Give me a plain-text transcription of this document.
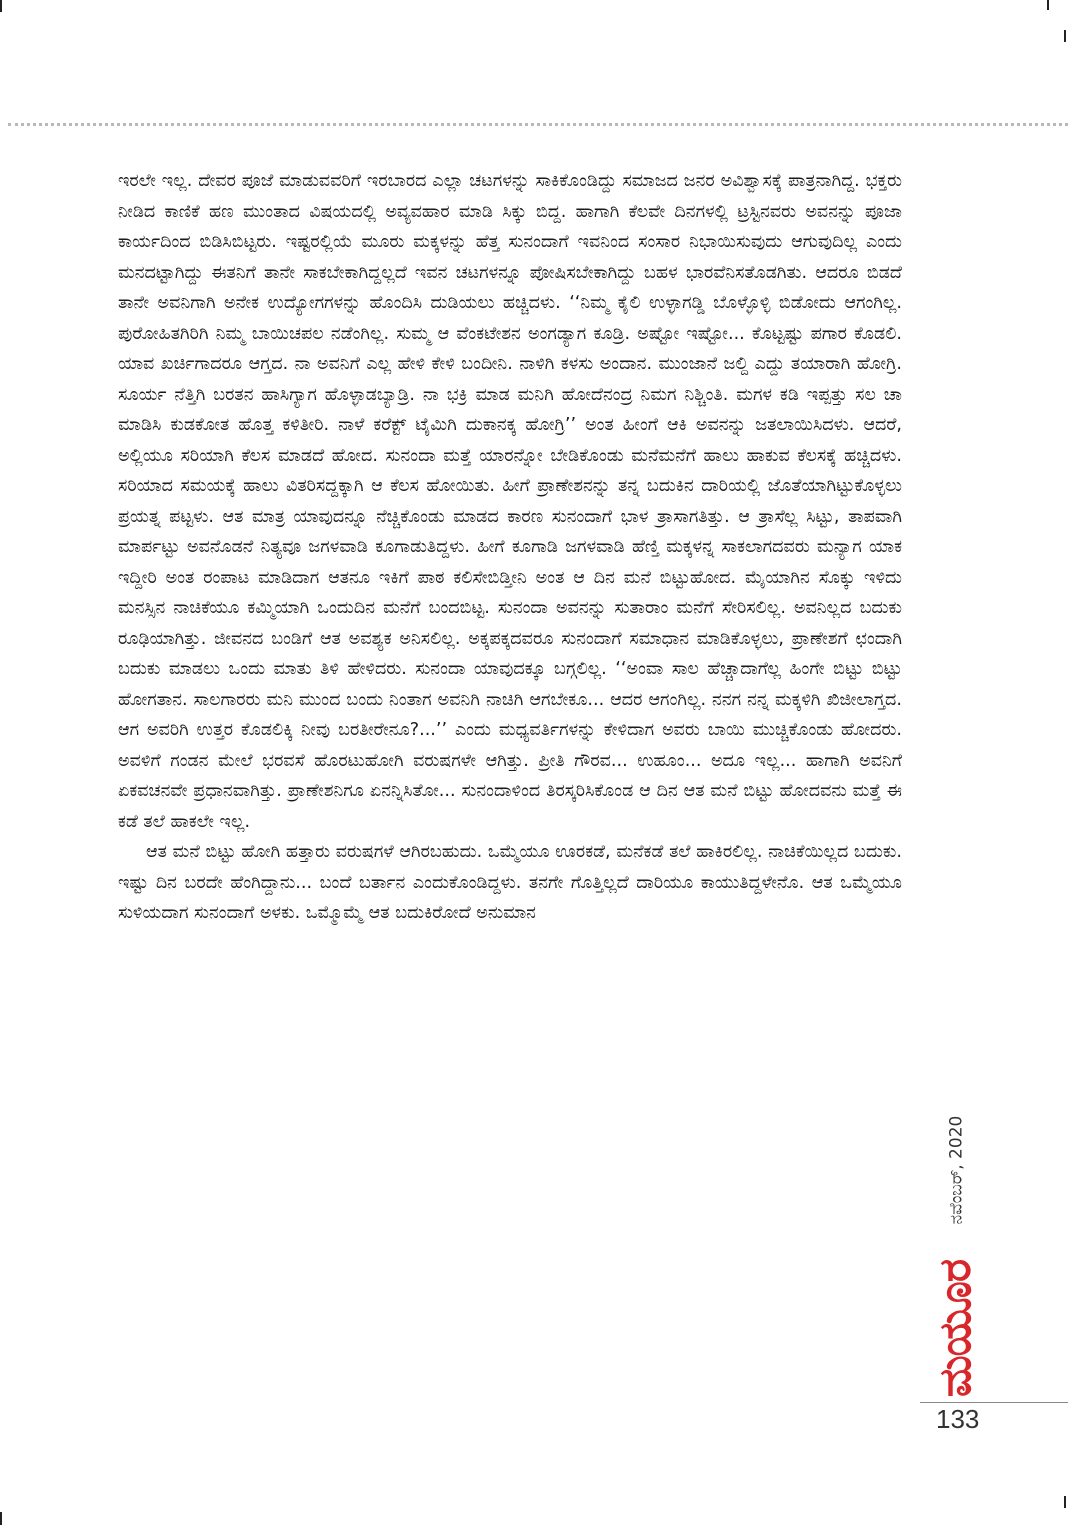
ಇರಲೇ ಇಲ್ಲ. ದೇವರ ಪೂಜೆ ಮಾಡುವವರಿಗೆ ಇರಬಾರದ ಎಲ್ಲಾ ಚಟಗಳನ್ನು ಸಾಕಿಕೊಂಡಿದ್ದು ಸಮಾಜದ ಜನರ ಅವಿಶ್ವಾಸಕ್ಕೆ ಪಾತ್ರನಾಗಿದ್ದ. ಭಕ್ತರು ನೀಡಿದ ಕಾಣಿಕೆ ಹಣ ಮುಂತಾದ ವಿಷಯದಲ್ಲಿ ಅವ್ಯವಹಾರ ಮಾಡಿ ಸಿಕ್ಕು ಬಿದ್ದ. ಹಾಗಾಗಿ ಕೆಲವೇ ದಿನಗಳಲ್ಲಿ ಟ್ರಸ್ಟಿನವರು ಅವನನ್ನು ಪೂಜಾ ಕಾರ್ಯದಿಂದ ಬಿಡಿಸಿಬಿಟ್ಟರು. ಇಷ್ಟರಲ್ಲಿಯೆ ಮೂರು ಮಕ್ಕಳನ್ನು ಹೆತ್ತ ಸುನಂದಾಗೆ ಇವನಿಂದ ಸಂಸಾರ ನಿಭಾಯಿಸುವುದು ಆಗುವುದಿಲ್ಲ ಎಂದು ಮನದಟ್ಟಾಗಿದ್ದು ಈತನಿಗೆ ತಾನೇ ಸಾಕಬೇಕಾಗಿದ್ದಲ್ಲದೆ ಇವನ ಚಟಗಳನ್ನೂ ಪೋಷಿಸಬೇಕಾಗಿದ್ದು ಬಹಳ ಭಾರವೆನಿಸತೊಡಗಿತು. ಆದರೂ ಬಿಡದೆ ತಾನೇ ಅವನಿಗಾಗಿ ಅನೇಕ ಉದ್ಯೋಗಗಳನ್ನು ಹೊಂದಿಸಿ ದುಡಿಯಲು ಹಚ್ಚಿದಳು. ‘‘ನಿಮ್ಮ ಕೈಲಿ ಉಳ್ಳಾಗಡ್ಡಿ ಬೊಳ್ಳೊಳ್ಳಿ ಬಿಡೋದು ಆಗಂಗಿಲ್ಲ. ಪುರೋಹಿತಗಿರಿಗಿ ನಿಮ್ಮ ಬಾಯಿಚಪಲ ನಡೆಂಗಿಲ್ಲ. ಸುಮ್ಮ ಆ ವೆಂಕಟೇಶನ ಅಂಗಡ್ಯಾಗ ಕೂಡ್ರಿ. ಅಷ್ಟೋ ಇಷ್ಟೋ... ಕೊಟ್ಟಷ್ಟು ಪಗಾರ ಕೊಡಲಿ. ಯಾವ ಖರ್ಚಿಗಾದರೂ ಆಗ್ತದ. ನಾ ಅವನಿಗೆ ಎಲ್ಲ ಹೇಳಿ ಕೇಳಿ ಬಂದೀನಿ. ನಾಳಿಗಿ ಕಳಸು ಅಂದಾನ. ಮುಂಜಾನೆ ಜಲ್ದಿ ಎದ್ದು ತಯಾರಾಗಿ ಹೋಗ್ರಿ. ಸೂರ್ಯ ನೆತ್ತಿಗಿ ಬರತನ ಹಾಸಿಗ್ಯಾಗ ಹೊಳ್ಳಾಡಬ್ಯಾಡ್ರಿ. ನಾ ಭಕ್ರಿ ಮಾಡ ಮನಿಗಿ ಹೋದೆನಂದ್ರ ನಿಮಗ ನಿಶ್ಚಿಂತಿ. ಮಗಳ ಕಡಿ ಇಪ್ಪತ್ತು ಸಲ ಚಾ ಮಾಡಿಸಿ ಕುಡಕೋತ ಹೊತ್ತ ಕಳಿತೀರಿ. ನಾಳೆ ಕರೆಕ್ಟ್ ಟೈಮಿಗಿ ದುಕಾನಕ್ಕ ಹೋಗ್ರಿ’’ ಅಂತ ಹೀಂಗೆ ಆಕಿ ಅವನನ್ನು ಜತಲಾಯಿಸಿದಳು. ಆದರೆ, ಅಲ್ಲಿಯೂ ಸರಿಯಾಗಿ ಕೆಲಸ ಮಾಡದೆ ಹೋದ. ಸುನಂದಾ ಮತ್ತೆ ಯಾರನ್ನೋ ಬೇಡಿಕೊಂಡು ಮನೆಮನೆಗೆ ಹಾಲು ಹಾಕುವ ಕೆಲಸಕ್ಕೆ ಹಚ್ಚಿದಳು. ಸರಿಯಾದ ಸಮಯಕ್ಕೆ ಹಾಲು ವಿತರಿಸದ್ದಕ್ಕಾಗಿ ಆ ಕೆಲಸ ಹೋಯಿತು. ಹೀಗೆ ಪ್ರಾಣೇಶನನ್ನು ತನ್ನ ಬದುಕಿನ ದಾರಿಯಲ್ಲಿ ಜೊತೆಯಾಗಿಟ್ಟುಕೊಳ್ಳಲು ಪ್ರಯತ್ನ ಪಟ್ಟಳು. ಆತ ಮಾತ್ರ ಯಾವುದನ್ನೂ ನೆಚ್ಚಿಕೊಂಡು ಮಾಡದ ಕಾರಣ ಸುನಂದಾಗೆ ಭಾಳ ತ್ರಾಸಾಗತಿತ್ತು. ಆ ತ್ರಾಸೆಲ್ಲ ಸಿಟ್ಟು, ತಾಪವಾಗಿ ಮಾರ್ಪಟ್ಟು ಅವನೊಡನೆ ನಿತ್ಯವೂ ಜಗಳವಾಡಿ ಕೂಗಾಡುತಿದ್ದಳು. ಹೀಗೆ ಕೂಗಾಡಿ ಜಗಳವಾಡಿ ಹೆಣ್ತಿ ಮಕ್ಕಳನ್ನ ಸಾಕಲಾಗದವರು ಮನ್ಯಾಗ ಯಾಕ ಇದ್ದೀರಿ ಅಂತ ರಂಪಾಟ ಮಾಡಿದಾಗ ಆತನೂ ಇಕಿಗೆ ಪಾಠ ಕಲಿಸೇಬಿಡ್ತೀನಿ ಅಂತ ಆ ದಿನ ಮನೆ ಬಿಟ್ಟುಹೋದ. ಮೈಯಾಗಿನ ಸೊಕ್ಕು ಇಳಿದು ಮನಸ್ಸಿನ ನಾಚಿಕೆಯೂ ಕಮ್ಮಿಯಾಗಿ ಒಂದುದಿನ ಮನೆಗೆ ಬಂದಬಿಟ್ಟ. ಸುನಂದಾ ಅವನನ್ನು ಸುತಾರಾಂ ಮನೆಗೆ ಸೇರಿಸಲಿಲ್ಲ. ಅವನಿಲ್ಲದ ಬದುಕು ರೂಢಿಯಾಗಿತ್ತು. ಜೀವನದ ಬಂಡಿಗೆ ಆತ ಅವಶ್ಯಕ ಅನಿಸಲಿಲ್ಲ. ಅಕ್ಕಪಕ್ಕದವರೂ ಸುನಂದಾಗೆ ಸಮಾಧಾನ ಮಾಡಿಕೊಳ್ಳಲು, ಪ್ರಾಣೇಶಗೆ ಛಂದಾಗಿ ಬದುಕು ಮಾಡಲು ಒಂದು ಮಾತು ತಿಳಿ ಹೇಳಿದರು. ಸುನಂದಾ ಯಾವುದಕ್ಕೂ ಬಗ್ಗಲಿಲ್ಲ. ‘‘ಅಂವಾ ಸಾಲ ಹೆಚ್ಚಾದಾಗೆಲ್ಲ ಹಿಂಗೇ ಬಿಟ್ಟು ಬಿಟ್ಟು ಹೋಗತಾನ. ಸಾಲಗಾರರು ಮನಿ ಮುಂದ ಬಂದು ನಿಂತಾಗ ಅವನಿಗಿ ನಾಚಿಗಿ ಆಗಬೇಕೂ... ಆದರ ಆಗಂಗಿಲ್ಲ. ನನಗ ನನ್ನ ಮಕ್ಕಳಿಗಿ ಖಿಜೀಲಾಗ್ತದ. ಆಗ ಅವರಿಗಿ ಉತ್ತರ ಕೊಡಲಿಕ್ಕಿ ನೀವು ಬರತೀರೇನೂ?...’’ ಎಂದು ಮಧ್ಯವರ್ತಿಗಳನ್ನು ಕೇಳಿದಾಗ ಅವರು ಬಾಯಿ ಮುಚ್ಚಿಕೊಂಡು ಹೋದರು. ಅವಳಿಗೆ ಗಂಡನ ಮೇಲೆ ಭರವಸೆ ಹೊರಟುಹೋಗಿ ವರುಷಗಳೇ ಆಗಿತ್ತು. ಪ್ರೀತಿ ಗೌರವ... ಉಹೂಂ... ಅದೂ ಇಲ್ಲ... ಹಾಗಾಗಿ ಅವನಿಗೆ ಏಕವಚನವೇ ಪ್ರಧಾನವಾಗಿತ್ತು. ಪ್ರಾಣೇಶನಿಗೂ ಏನನ್ನಿಸಿತೋ... ಸುನಂದಾಳಿಂದ ತಿರಸ್ಕರಿಸಿಕೊಂಡ ಆ ದಿನ ಆತ ಮನೆ ಬಿಟ್ಟು ಹೋದವನು ಮತ್ತೆ ಈ ಕಡೆ ತಲೆ ಹಾಕಲೇ ಇಲ್ಲ.

ಆತ ಮನೆ ಬಿಟ್ಟು ಹೋಗಿ ಹತ್ತಾರು ವರುಷಗಳೆ ಆಗಿರಬಹುದು. ಒಮ್ಮೆಯೂ ಊರಕಡೆ, ಮನೆಕಡೆ ತಲೆ ಹಾಕಿರಲಿಲ್ಲ. ನಾಚಿಕೆಯಿಲ್ಲದ ಬದುಕು. ಇಷ್ಟು ದಿನ ಬರದೇ ಹೆಂಗಿದ್ದಾನು... ಬಂದೆ ಬರ್ತಾನ ಎಂದುಕೊಂಡಿದ್ದಳು. ತನಗೇ ಗೊತ್ತಿಲ್ಲದೆ ದಾರಿಯೂ ಕಾಯುತಿದ್ದಳೇನೊ. ಆತ ಒಮ್ಮೆಯೂ ಸುಳಿಯದಾಗ ಸುನಂದಾಗೆ ಅಳಕು. ಒಮ್ಮೊಮ್ಮೆ ಆತ ಬದುಕಿರೋದೆ ಅನುಮಾನ

ನವೆಂಬರ್, 2020
ಮಯೂರ
133
